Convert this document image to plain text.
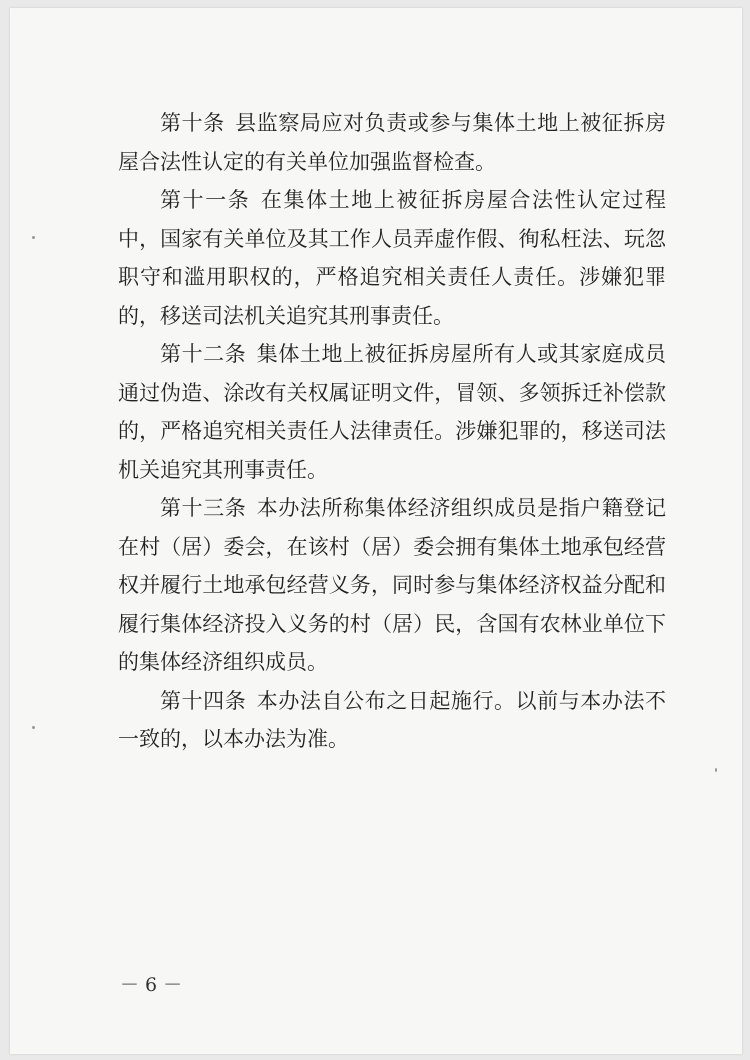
第十条 县监察局应对负责或参与集体土地上被征拆房屋合法性认定的有关单位加强监督检查。

第十一条 在集体土地上被征拆房屋合法性认定过程中，国家有关单位及其工作人员弄虚作假、徇私枉法、玩忽职守和滥用职权的，严格追究相关责任人责任。涉嫌犯罪的，移送司法机关追究其刑事责任。

第十二条 集体土地上被征拆房屋所有人或其家庭成员通过伪造、涂改有关权属证明文件，冒领、多领拆迁补偿款的，严格追究相关责任人法律责任。涉嫌犯罪的，移送司法机关追究其刑事责任。

第十三条 本办法所称集体经济组织成员是指户籍登记在村（居）委会，在该村（居）委会拥有集体土地承包经营权并履行土地承包经营义务，同时参与集体经济权益分配和履行集体经济投入义务的村（居）民，含国有农林业单位下的集体经济组织成员。

第十四条 本办法自公布之日起施行。以前与本办法不一致的，以本办法为准。

－ 6 －
